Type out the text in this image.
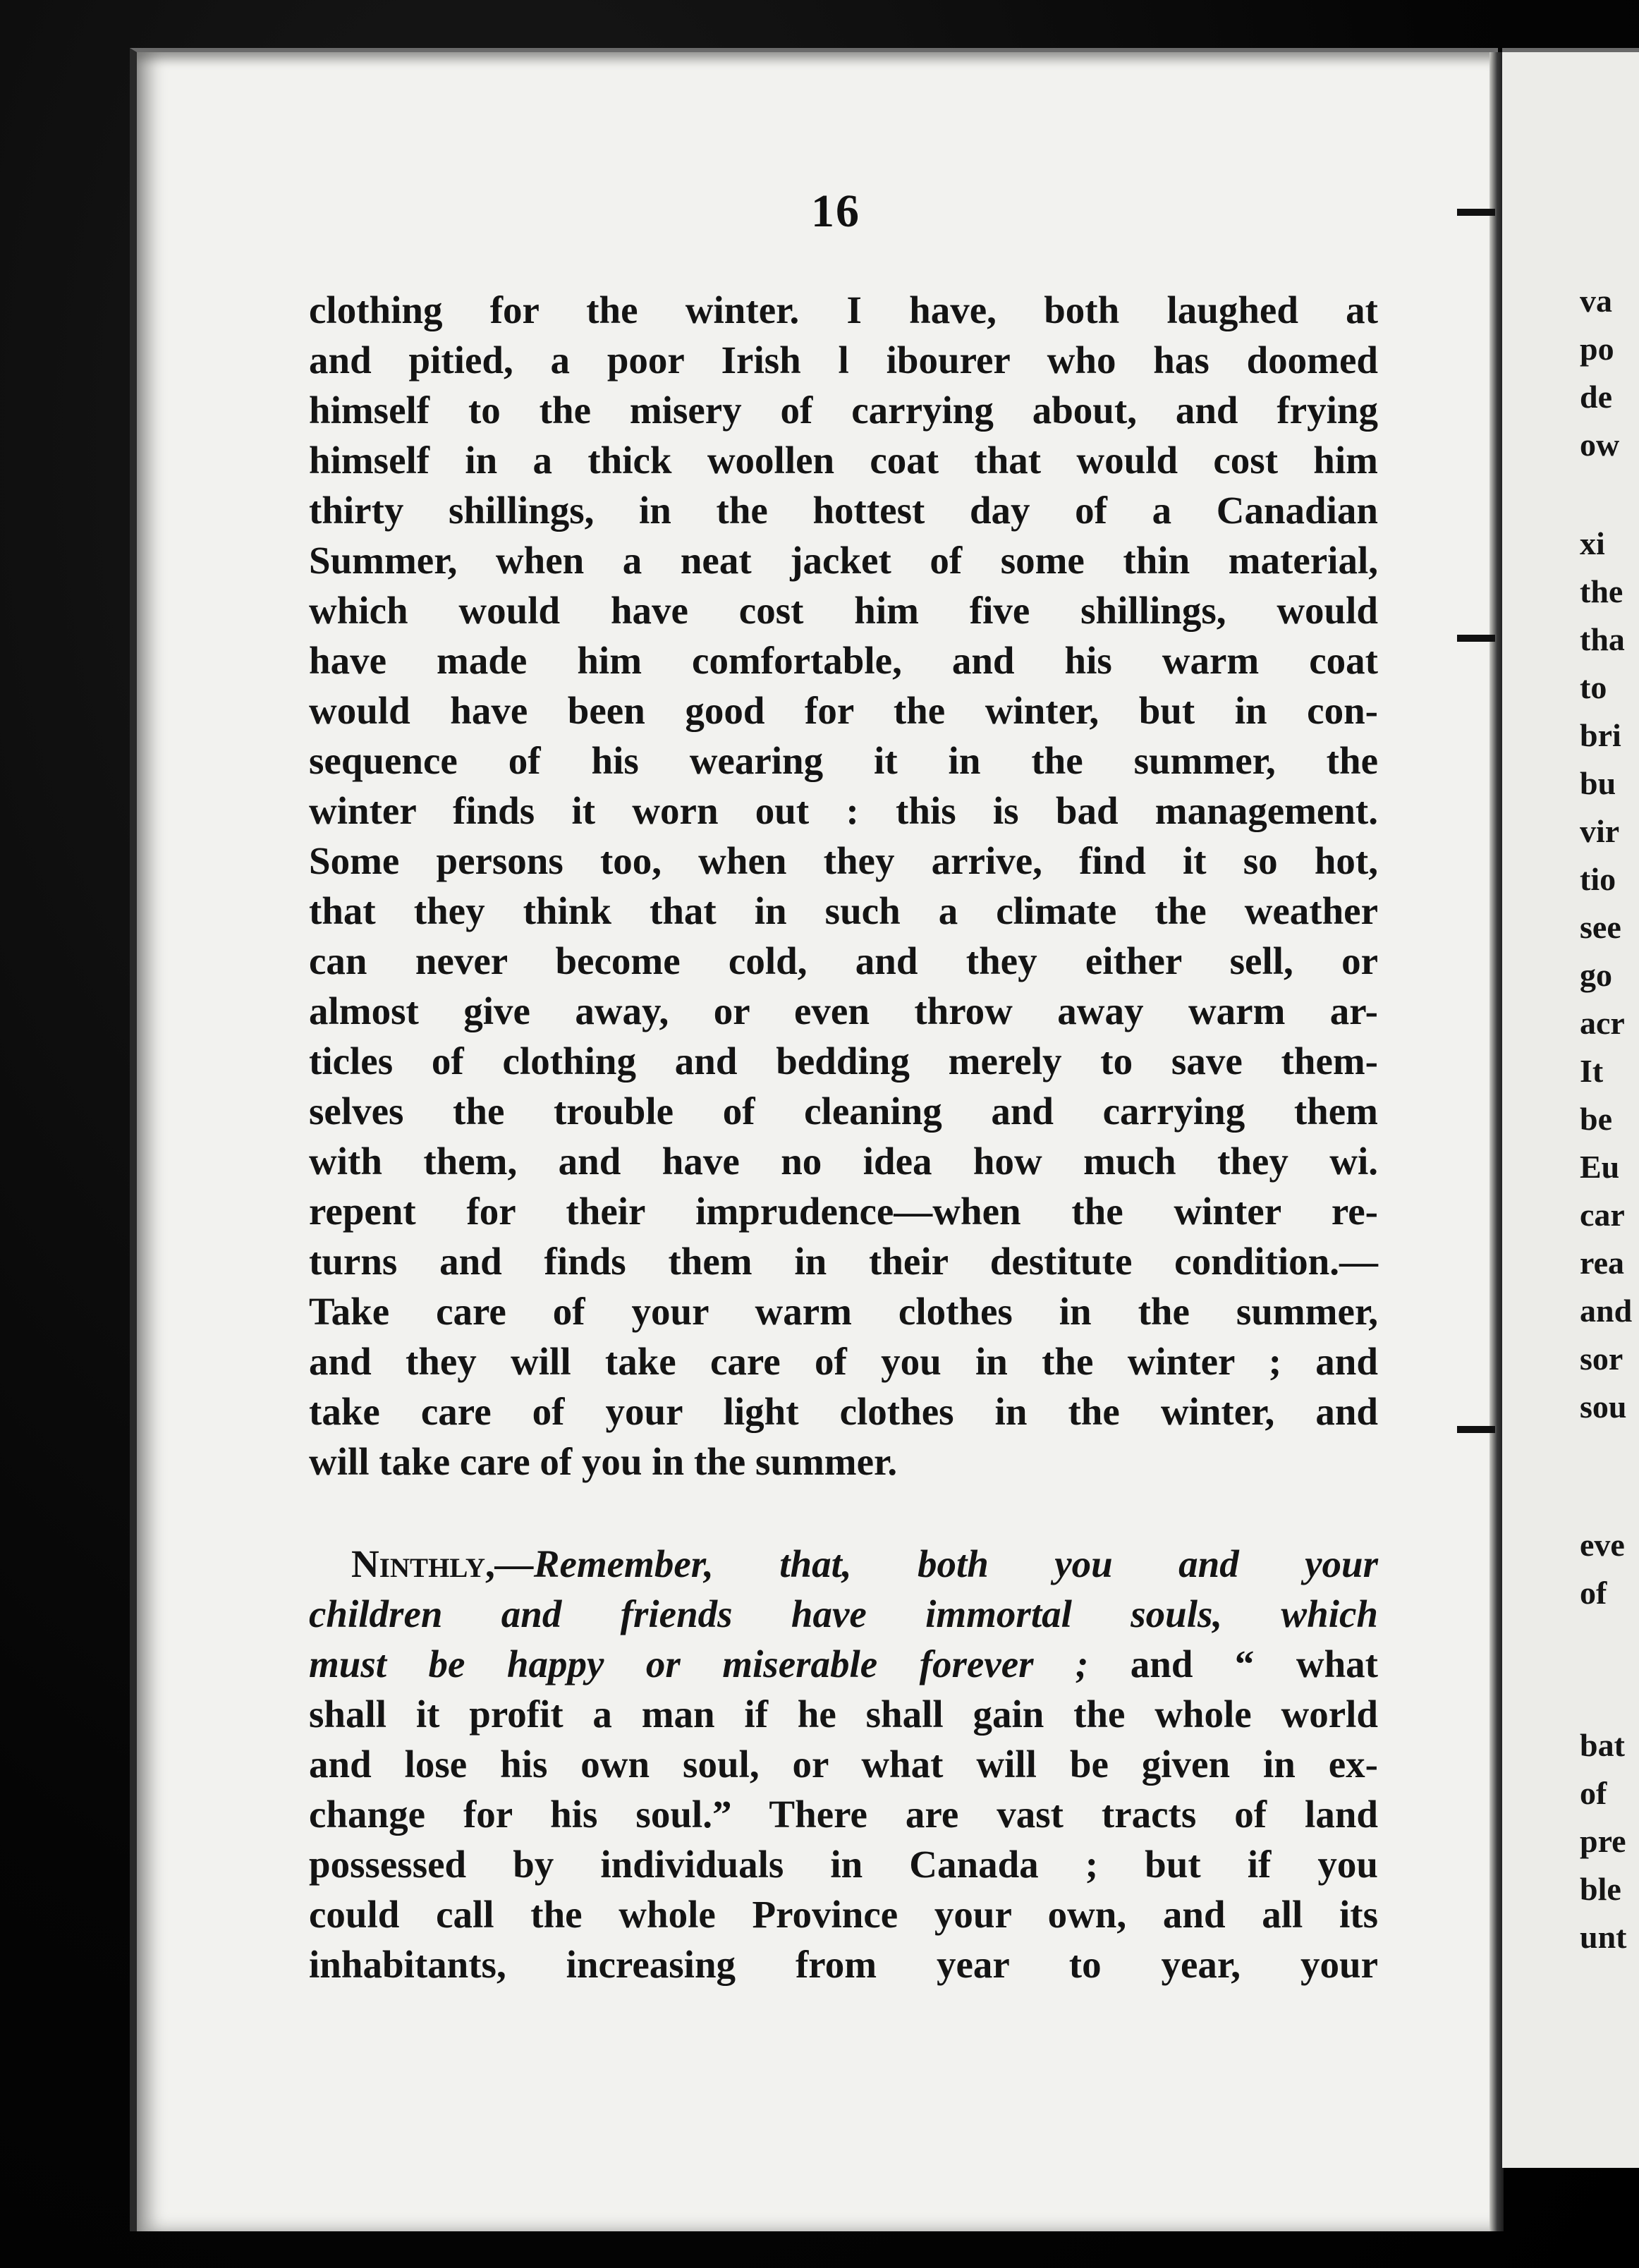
va
po
de
ow
xi
the
tha
to
bri
bu
vir
tio
see
go
acr
It
be
Eu
car
rea
and
sor
sou
eve
of
bat
of
pre
ble
unt
16
clothing for the winter. I have, both laughed at
and pitied, a poor Irish l ibourer who has doomed
himself to the misery of carrying about, and frying
himself in a thick woollen coat that would cost him
thirty shillings, in the hottest day of a Canadian
Summer, when a neat jacket of some thin material,
which would have cost him five shillings, would
have made him comfortable, and his warm coat
would have been good for the winter, but in con-
sequence of his wearing it in the summer, the
winter finds it worn out : this is bad management.
Some persons too, when they arrive, find it so hot,
that they think that in such a climate the weather
can never become cold, and they either sell, or
almost give away, or even throw away warm ar-
ticles of clothing and bedding merely to save them-
selves the trouble of cleaning and carrying them
with them, and have no idea how much they wi.
repent for their imprudence—when the winter re-
turns and finds them in their destitute condition.—
Take care of your warm clothes in the summer,
and they will take care of you in the winter ; and
take care of your light clothes in the winter, and
will take care of you in the summer.
Ninthly,—Remember, that, both you and your
children and friends have immortal souls, which
must be happy or miserable forever ; and “ what
shall it profit a man if he shall gain the whole world
and lose his own soul, or what will be given in ex-
change for his soul.” There are vast tracts of land
possessed by individuals in Canada ; but if you
could call the whole Province your own, and all its
inhabitants, increasing from year to year, your
